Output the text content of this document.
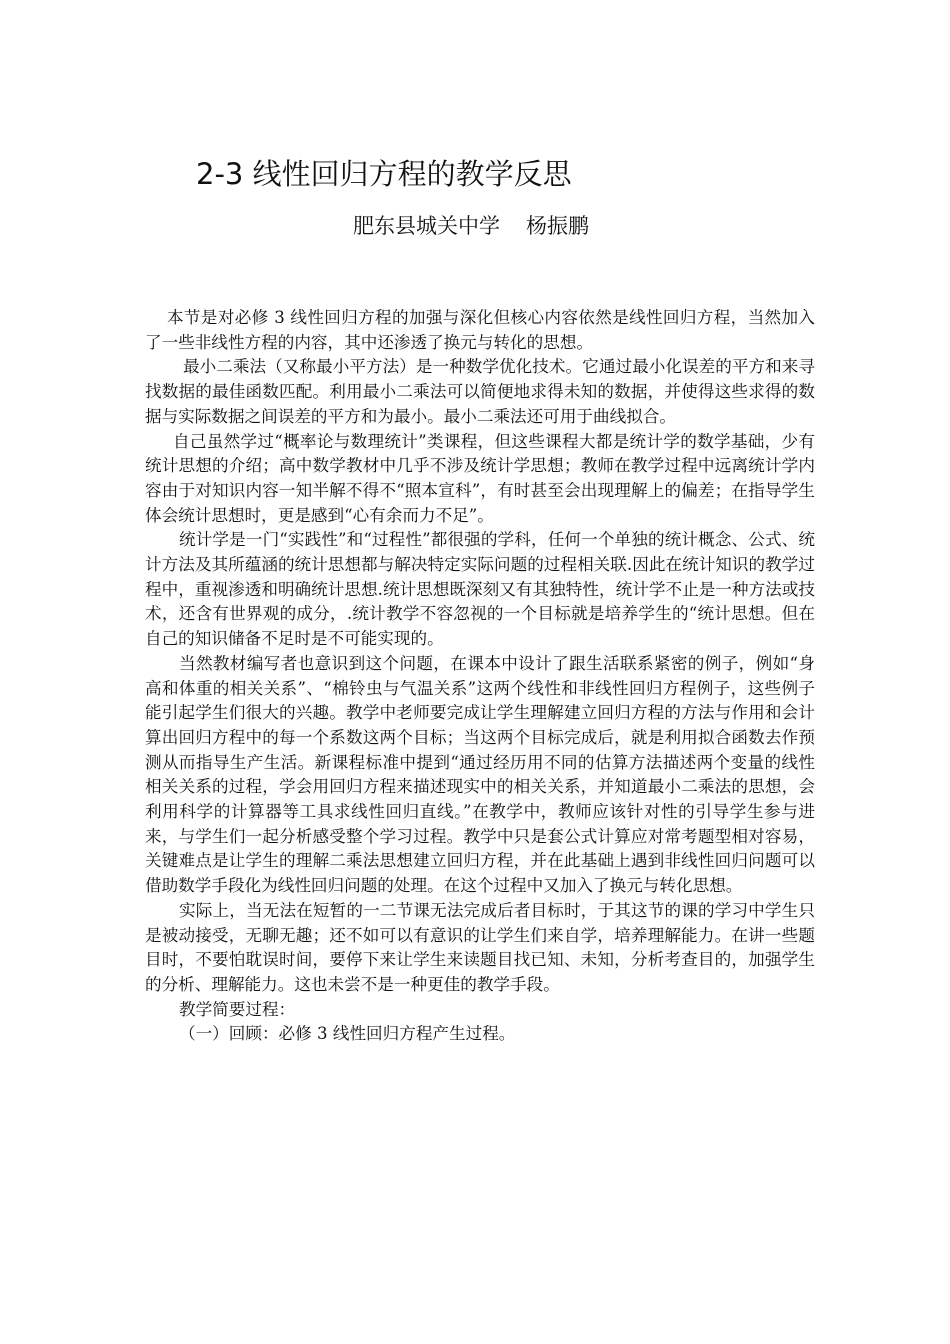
2-3 线性回归方程的教学反思
肥东县城关中学 杨振鹏

本节是对必修 3 线性回归方程的加强与深化但核心内容依然是线性回归方程，当然加入了一些非线性方程的内容，其中还渗透了换元与转化的思想。

最小二乘法（又称最小平方法）是一种数学优化技术。它通过最小化误差的平方和来寻找数据的最佳函数匹配。利用最小二乘法可以简便地求得未知的数据，并使得这些求得的数据与实际数据之间误差的平方和为最小。最小二乘法还可用于曲线拟合。

自己虽然学过“概率论与数理统计”类课程，但这些课程大都是统计学的数学基础，少有统计思想的介绍；高中数学教材中几乎不涉及统计学思想；教师在教学过程中远离统计学内容由于对知识内容一知半解不得不“照本宣科”，有时甚至会出现理解上的偏差；在指导学生体会统计思想时，更是感到“心有余而力不足”。

统计学是一门“实践性”和“过程性”都很强的学科，任何一个单独的统计概念、公式、统计方法及其所蕴涵的统计思想都与解决特定实际问题的过程相关联.因此在统计知识的教学过程中，重视渗透和明确统计思想.统计思想既深刻又有其独特性，统计学不止是一种方法或技术，还含有世界观的成分，.统计教学不容忽视的一个目标就是培养学生的“统计思想。但在自己的知识储备不足时是不可能实现的。

当然教材编写者也意识到这个问题，在课本中设计了跟生活联系紧密的例子，例如“身高和体重的相关关系”、“棉铃虫与气温关系”这两个线性和非线性回归方程例子，这些例子能引起学生们很大的兴趣。教学中老师要完成让学生理解建立回归方程的方法与作用和会计算出回归方程中的每一个系数这两个目标；当这两个目标完成后，就是利用拟合函数去作预测从而指导生产生活。新课程标准中提到“通过经历用不同的估算方法描述两个变量的线性相关关系的过程，学会用回归方程来描述现实中的相关关系，并知道最小二乘法的思想，会利用科学的计算器等工具求线性回归直线。”在教学中，教师应该针对性的引导学生参与进来，与学生们一起分析感受整个学习过程。教学中只是套公式计算应对常考题型相对容易，关键难点是让学生的理解二乘法思想建立回归方程，并在此基础上遇到非线性回归问题可以借助数学手段化为线性回归问题的处理。在这个过程中又加入了换元与转化思想。

实际上，当无法在短暂的一二节课无法完成后者目标时，于其这节的课的学习中学生只是被动接受，无聊无趣；还不如可以有意识的让学生们来自学，培养理解能力。在讲一些题目时，不要怕耽误时间，要停下来让学生来读题目找已知、未知，分析考查目的，加强学生的分析、理解能力。这也未尝不是一种更佳的教学手段。

教学简要过程：

（一）回顾：必修 3 线性回归方程产生过程。
